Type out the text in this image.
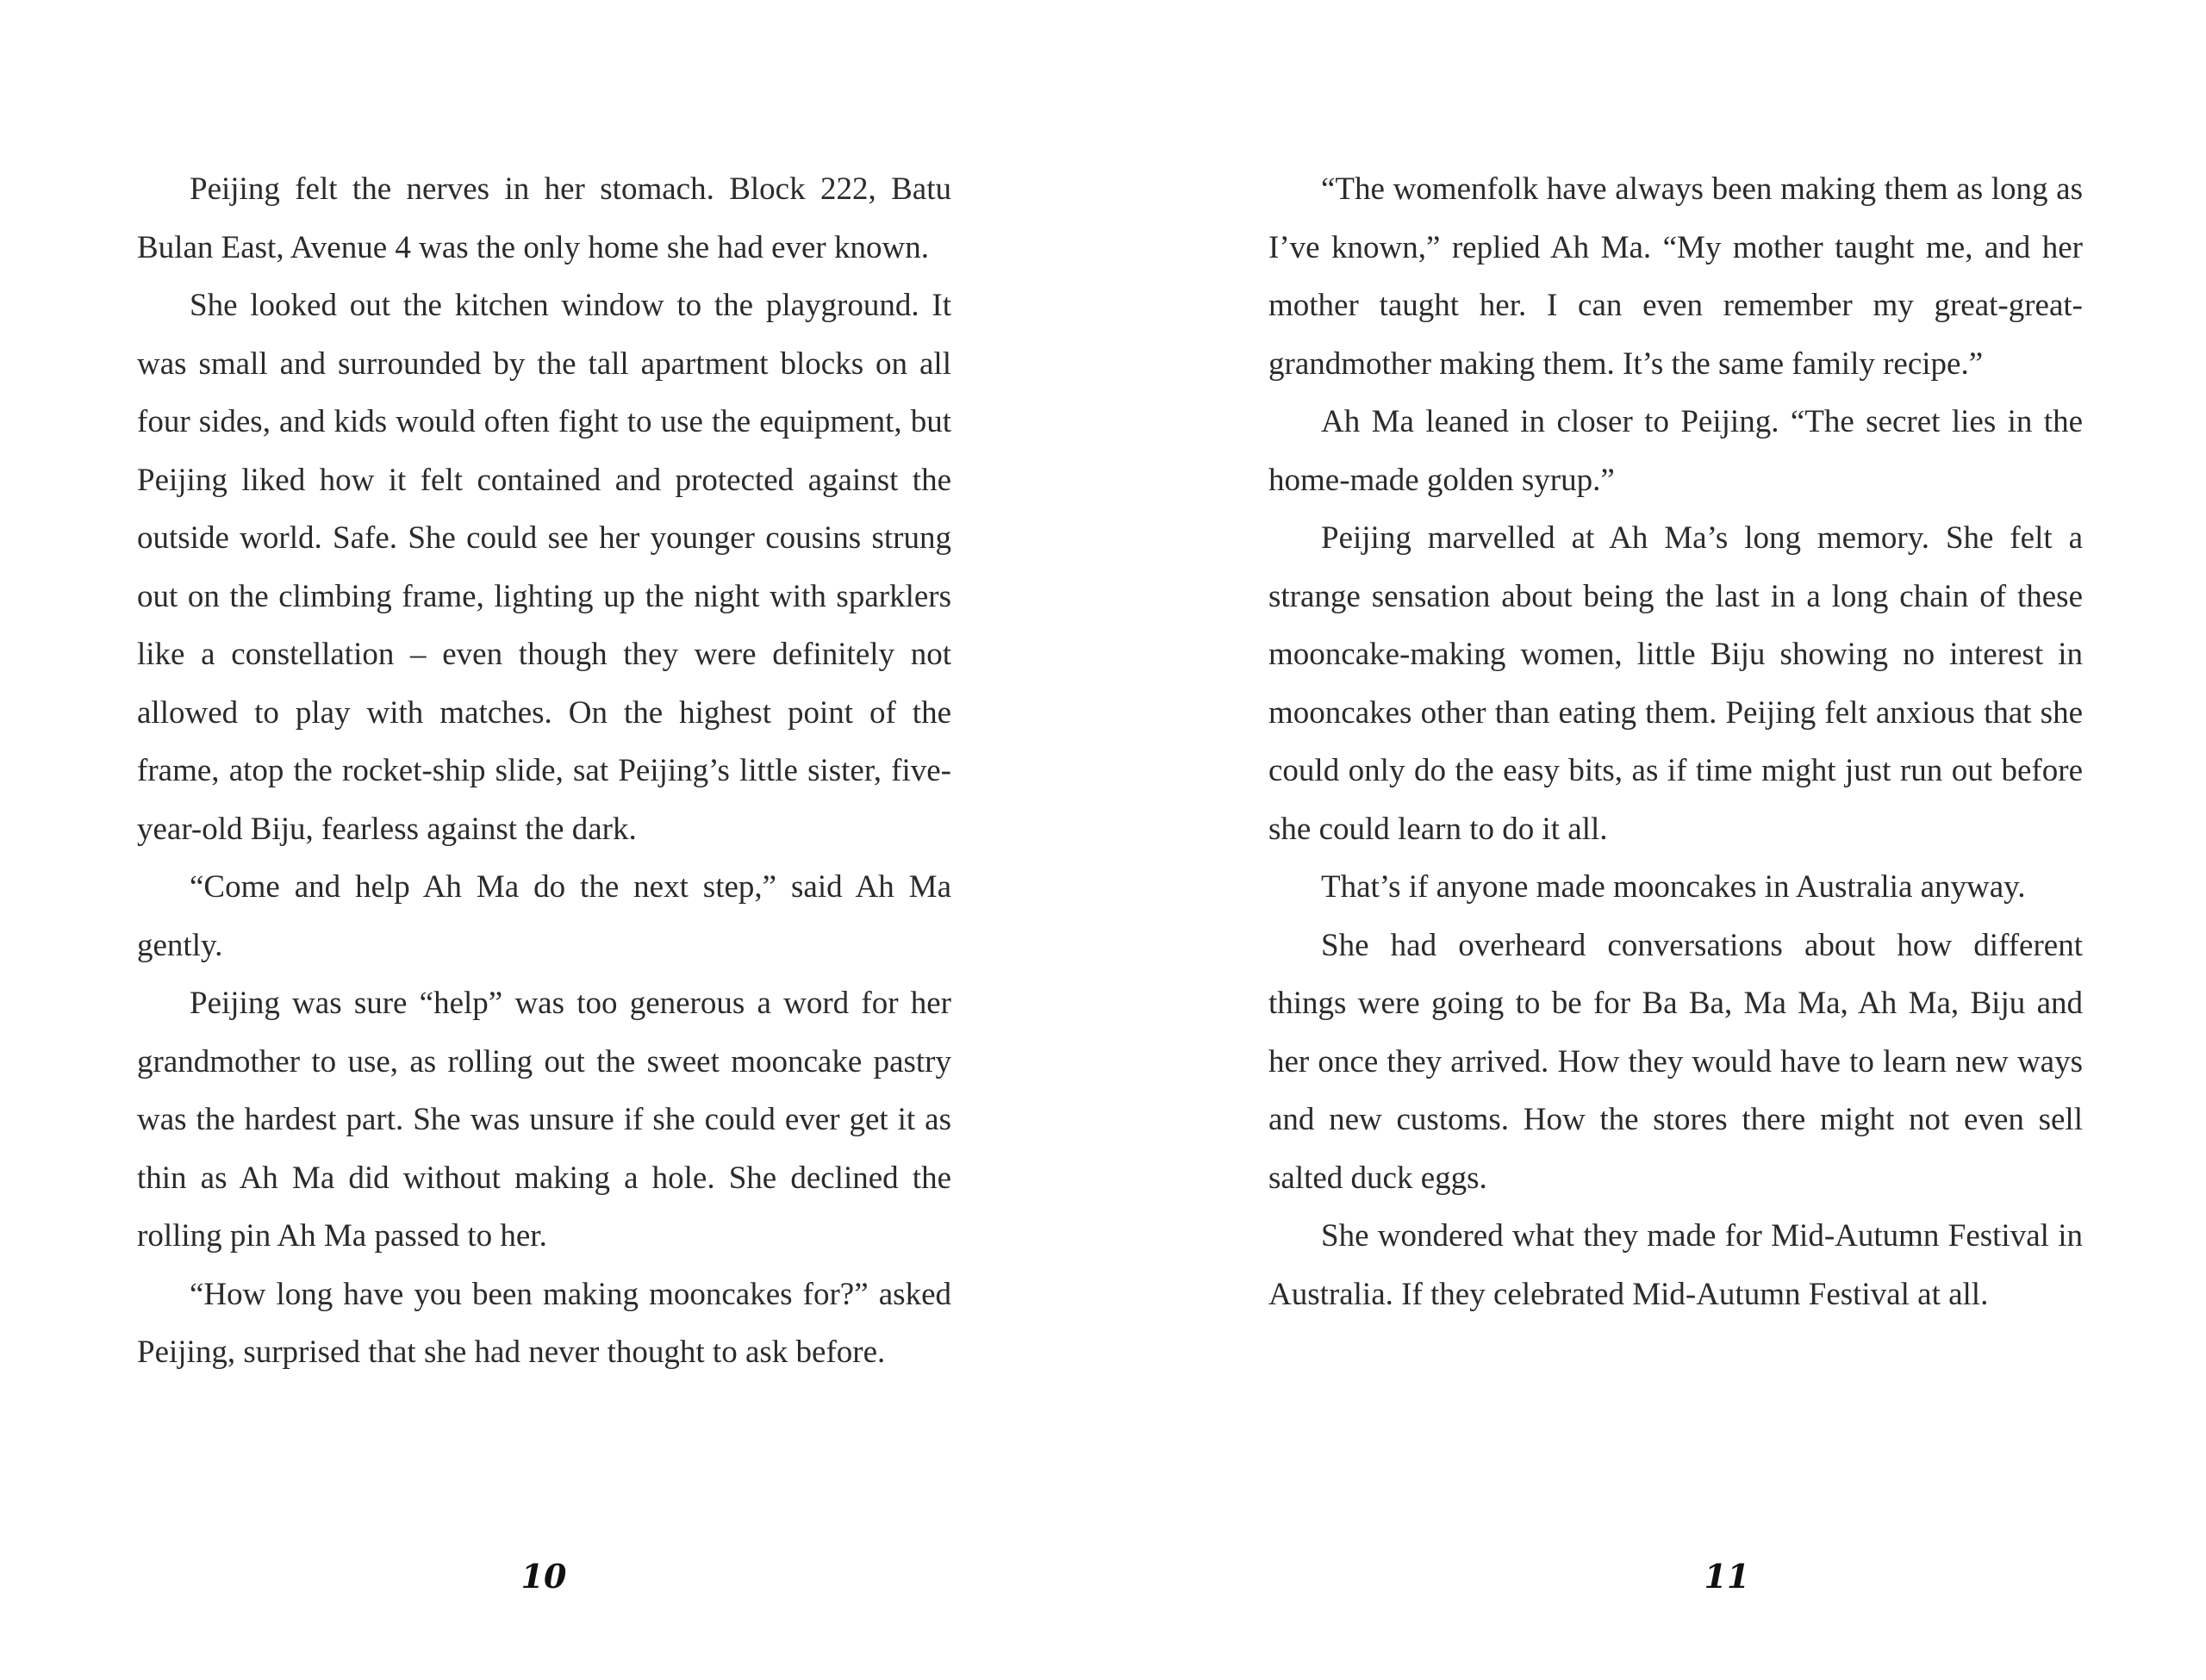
Peijing felt the nerves in her stomach. Block 222, Batu Bulan East, Avenue 4 was the only home she had ever known.

She looked out the kitchen window to the playground. It was small and surrounded by the tall apartment blocks on all four sides, and kids would often fight to use the equipment, but Peijing liked how it felt contained and protected against the outside world. Safe. She could see her younger cousins strung out on the climbing frame, lighting up the night with sparklers like a constellation – even though they were definitely not allowed to play with matches. On the highest point of the frame, atop the rocket-ship slide, sat Peijing’s little sister, five-year-old Biju, fearless against the dark.

“Come and help Ah Ma do the next step,” said Ah Ma gently.

Peijing was sure “help” was too generous a word for her grandmother to use, as rolling out the sweet mooncake pastry was the hardest part. She was unsure if she could ever get it as thin as Ah Ma did without making a hole. She declined the rolling pin Ah Ma passed to her.

“How long have you been making mooncakes for?” asked Peijing, surprised that she had never thought to ask before.

10

“The womenfolk have always been making them as long as I’ve known,” replied Ah Ma. “My mother taught me, and her mother taught her. I can even remember my great-great-grandmother making them. It’s the same family recipe.”

Ah Ma leaned in closer to Peijing. “The secret lies in the home-made golden syrup.”

Peijing marvelled at Ah Ma’s long memory. She felt a strange sensation about being the last in a long chain of these mooncake-making women, little Biju showing no interest in mooncakes other than eating them. Peijing felt anxious that she could only do the easy bits, as if time might just run out before she could learn to do it all.

That’s if anyone made mooncakes in Australia anyway.

She had overheard conversations about how different things were going to be for Ba Ba, Ma Ma, Ah Ma, Biju and her once they arrived. How they would have to learn new ways and new customs. How the stores there might not even sell salted duck eggs.

She wondered what they made for Mid-Autumn Festival in Australia. If they celebrated Mid-Autumn Festival at all.

11
